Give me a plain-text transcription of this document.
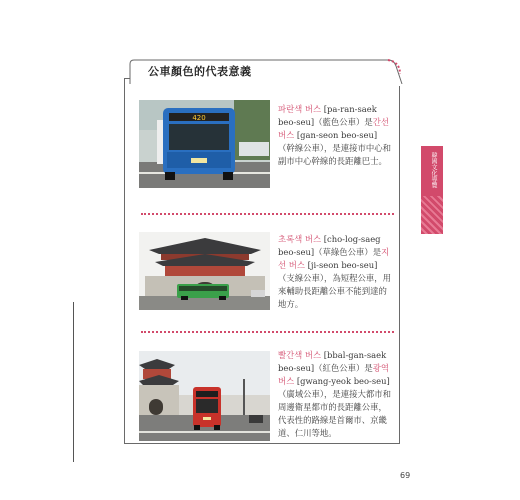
公車顏色的代表意義
420
파란색 버스 [pa-ran-saek beo-seu]（藍色公車）是간선 버스 [gan-seon beo-seu]（幹線公車），是連接市中心和副市中心幹線的長距離巴士。
초록색 버스 [cho-log-saeg beo-seu]（草綠色公車）是지선 버스 [ji-seon beo-seu]（支線公車），為短程公車，用來輔助長距離公車不能到達的地方。
빨간색 버스 [bbal-gan-saek beo-seu]（紅色公車）是광역버스 [gwang-yeok beo-seu]（廣域公車），是連接大都市和周邊衛星都市的長距離公車，代表性的路線是首爾市、京畿道、仁川等地。
韓國文化導覽
69
